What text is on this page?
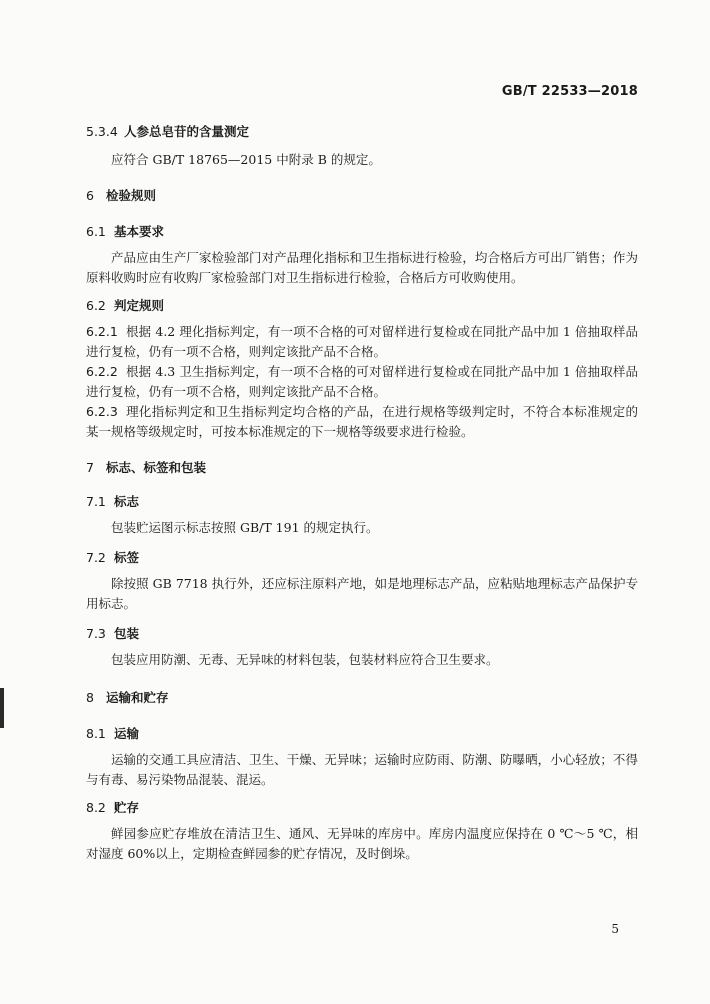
GB/T 22533—2018
5.3.4 人参总皂苷的含量测定
应符合 GB/T 18765—2015 中附录 B 的规定。
6 检验规则
6.1 基本要求
产品应由生产厂家检验部门对产品理化指标和卫生指标进行检验，均合格后方可出厂销售；作为原料收购时应有收购厂家检验部门对卫生指标进行检验，合格后方可收购使用。
6.2 判定规则
6.2.1 根据 4.2 理化指标判定，有一项不合格的可对留样进行复检或在同批产品中加 1 倍抽取样品进行复检，仍有一项不合格，则判定该批产品不合格。
6.2.2 根据 4.3 卫生指标判定，有一项不合格的可对留样进行复检或在同批产品中加 1 倍抽取样品进行复检，仍有一项不合格，则判定该批产品不合格。
6.2.3 理化指标判定和卫生指标判定均合格的产品，在进行规格等级判定时，不符合本标准规定的某一规格等级规定时，可按本标准规定的下一规格等级要求进行检验。
7 标志、标签和包装
7.1 标志
包装贮运图示标志按照 GB/T 191 的规定执行。
7.2 标签
除按照 GB 7718 执行外，还应标注原料产地，如是地理标志产品，应粘贴地理标志产品保护专用标志。
7.3 包装
包装应用防潮、无毒、无异味的材料包装，包装材料应符合卫生要求。
8 运输和贮存
8.1 运输
运输的交通工具应清洁、卫生、干燥、无异味；运输时应防雨、防潮、防曝晒，小心轻放；不得与有毒、易污染物品混装、混运。
8.2 贮存
鲜园参应贮存堆放在清洁卫生、通风、无异味的库房中。库房内温度应保持在 0 ℃～5 ℃，相对湿度 60%以上，定期检查鲜园参的贮存情况，及时倒垛。
5
